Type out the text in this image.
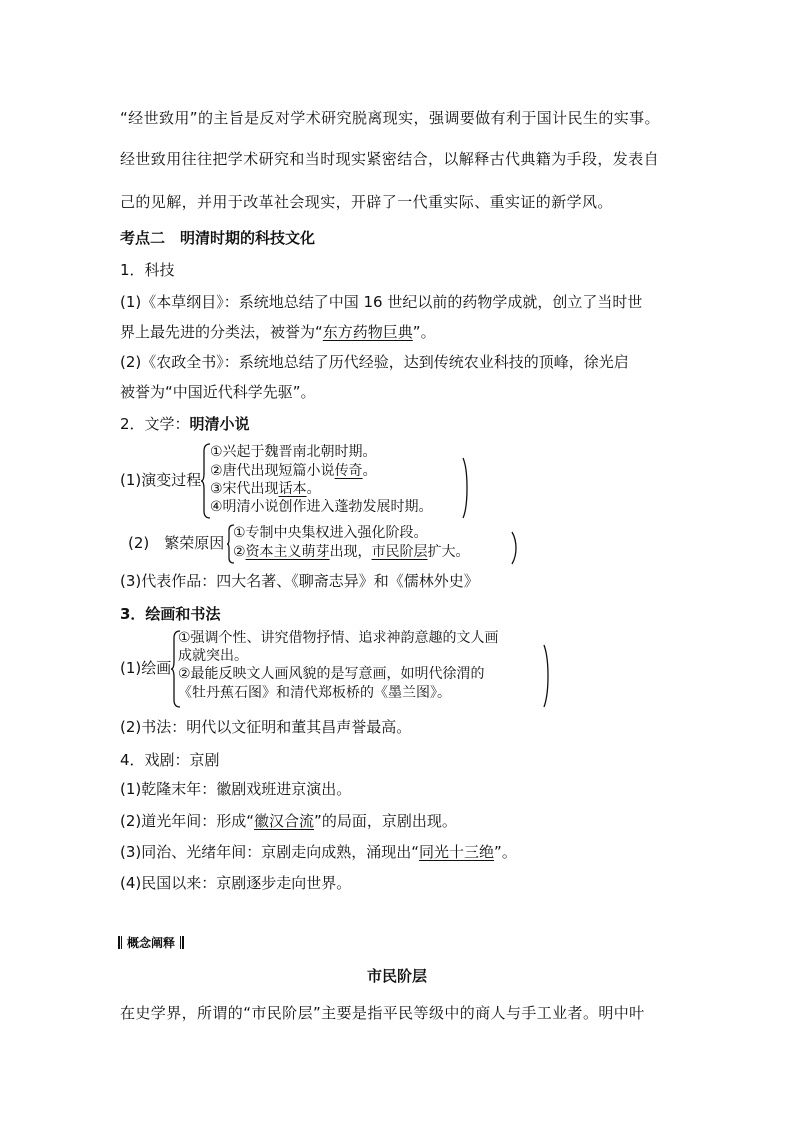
“经世致用”的主旨是反对学术研究脱离现实，强调要做有利于国计民生的实事。
经世致用往往把学术研究和当时现实紧密结合，以解释古代典籍为手段，发表自
己的见解，并用于改革社会现实，开辟了一代重实际、重实证的新学风。
考点二　明清时期的科技文化
1．科技
(1)《本草纲目》：系统地总结了中国 16 世纪以前的药物学成就，创立了当时世
界上最先进的分类法，被誉为“东方药物巨典”。
(2)《农政全书》：系统地总结了历代经验，达到传统农业科技的顶峰，徐光启
被誉为“中国近代科学先驱”。
2．文学：明清小说
(1)演变过程
①兴起于魏晋南北朝时期。
②唐代出现短篇小说传奇。
③宋代出现话本。
④明清小说创作进入蓬勃发展时期。
(2)　繁荣原因
①专制中央集权进入强化阶段。
②资本主义萌芽出现，市民阶层扩大。
(3)代表作品：四大名著、《聊斋志异》和《儒林外史》
3．绘画和书法
(1)绘画
①强调个性、讲究借物抒情、追求神韵意趣的文人画
成就突出。
②最能反映文人画风貌的是写意画，如明代徐渭的
《牡丹蕉石图》和清代郑板桥的《墨兰图》。
(2)书法：明代以文征明和董其昌声誉最高。
4．戏剧：京剧
(1)乾隆末年：徽剧戏班进京演出。
(2)道光年间：形成“徽汉合流”的局面，京剧出现。
(3)同治、光绪年间：京剧走向成熟，涌现出“同光十三绝”。
(4)民国以来：京剧逐步走向世界。
概念阐释
市民阶层
在史学界，所谓的“市民阶层”主要是指平民等级中的商人与手工业者。明中叶
